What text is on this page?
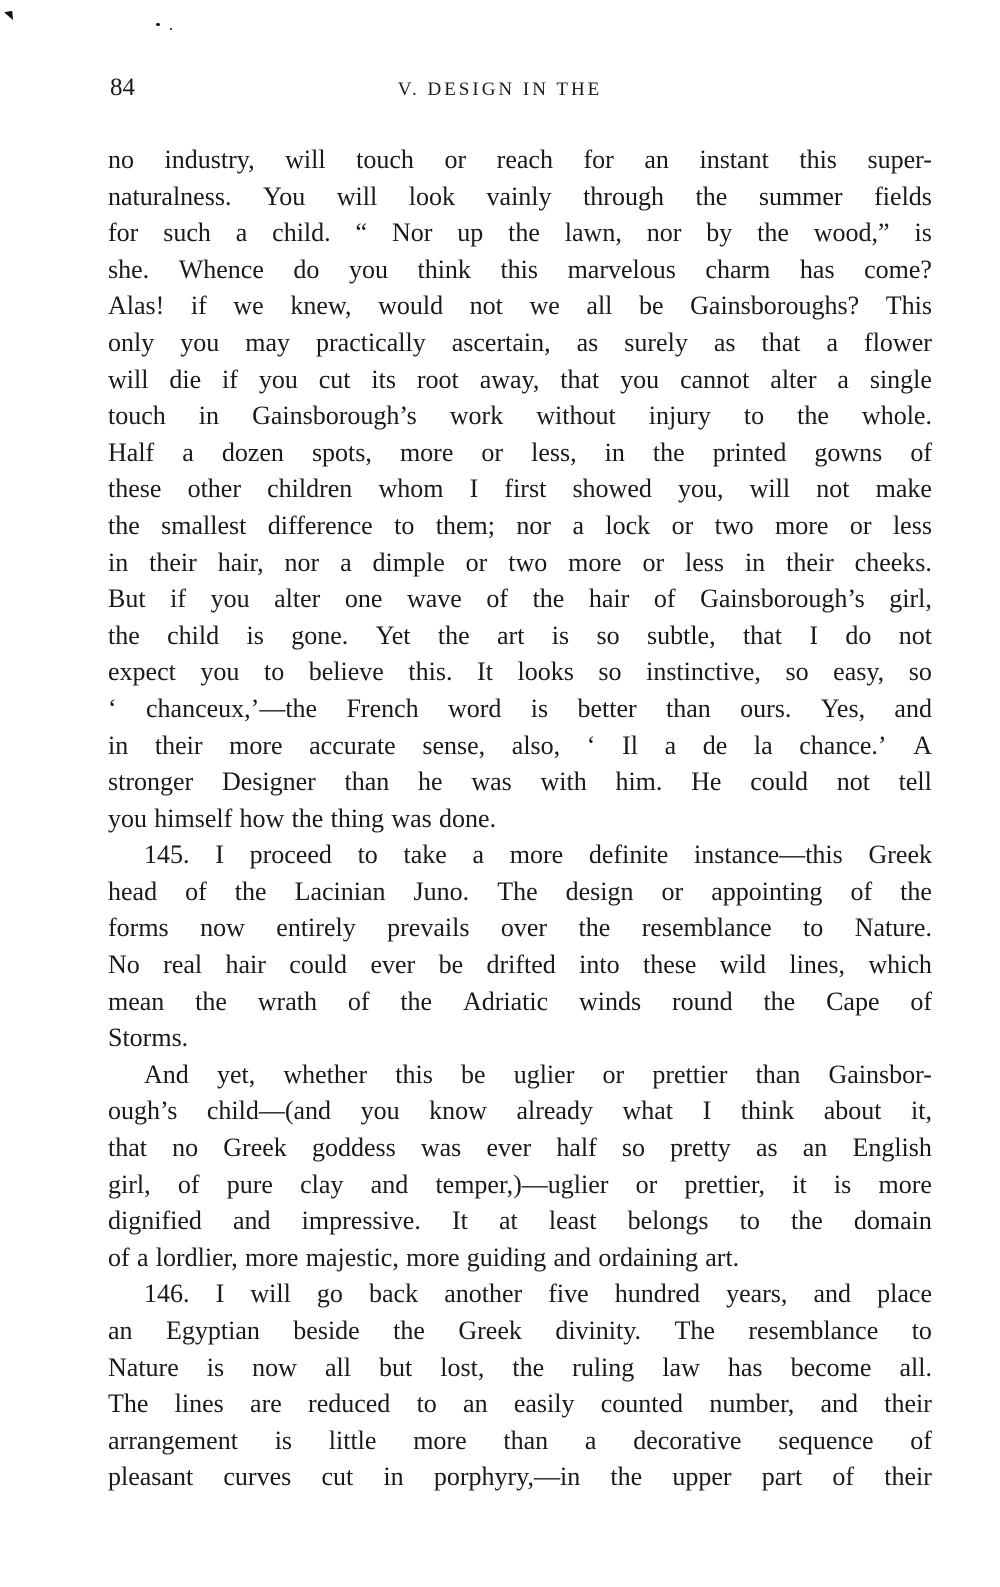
84	V. DESIGN IN THE

no industry, will touch or reach for an instant this super-
naturalness. You will look vainly through the summer fields
for such a child. “ Nor up the lawn, nor by the wood,” is
she. Whence do you think this marvelous charm has come?
Alas! if we knew, would not we all be Gainsboroughs? This
only you may practically ascertain, as surely as that a flower
will die if you cut its root away, that you cannot alter a single
touch in Gainsborough’s work without injury to the whole.
Half a dozen spots, more or less, in the printed gowns of
these other children whom I first showed you, will not make
the smallest difference to them; nor a lock or two more or less
in their hair, nor a dimple or two more or less in their cheeks.
But if you alter one wave of the hair of Gainsborough’s girl,
the child is gone. Yet the art is so subtle, that I do not
expect you to believe this. It looks so instinctive, so easy, so
‘ chanceux,’—the French word is better than ours. Yes, and
in their more accurate sense, also, ‘ Il a de la chance.’ A
stronger Designer than he was with him. He could not tell
you himself how the thing was done.
145. I proceed to take a more definite instance—this Greek
head of the Lacinian Juno. The design or appointing of the
forms now entirely prevails over the resemblance to Nature.
No real hair could ever be drifted into these wild lines, which
mean the wrath of the Adriatic winds round the Cape of
Storms.
And yet, whether this be uglier or prettier than Gainsbor-
ough’s child—(and you know already what I think about it,
that no Greek goddess was ever half so pretty as an English
girl, of pure clay and temper,)—uglier or prettier, it is more
dignified and impressive. It at least belongs to the domain
of a lordlier, more majestic, more guiding and ordaining art.
146. I will go back another five hundred years, and place
an Egyptian beside the Greek divinity. The resemblance to
Nature is now all but lost, the ruling law has become all.
The lines are reduced to an easily counted number, and their
arrangement is little more than a decorative sequence of
pleasant curves cut in porphyry,—in the upper part of their
